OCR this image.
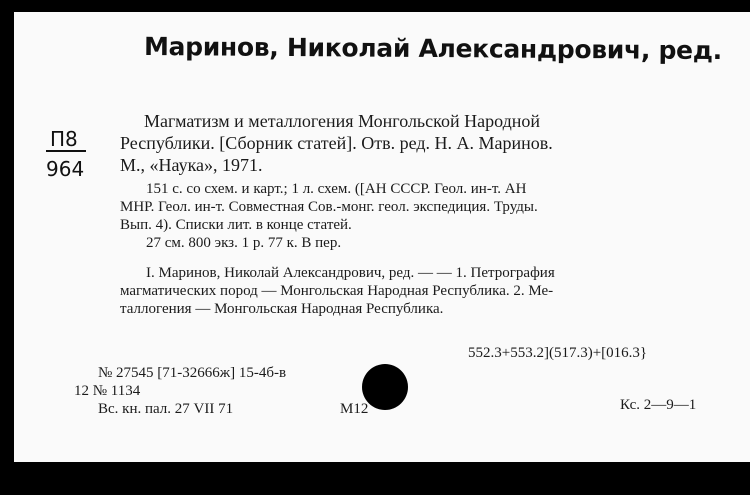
Маринов, Николай Александрович, ред.
П8
964
Магматизм и металлогения Монгольской Народной
Республики. [Сборник статей]. Отв. ред. Н. А. Маринов.
М., «Наука», 1971.
151 с. со схем. и карт.; 1 л. схем. ([АН СССР. Геол. ин-т. АН
МНР. Геол. ин-т. Совместная Сов.-монг. геол. экспедиция. Труды.
Вып. 4). Списки лит. в конце статей.
27 см. 800 экз. 1 р. 77 к. В пер.
I. Маринов, Николай Александрович, ред. — — 1. Петрография
магматических пород — Монгольская Народная Республика. 2. Ме-
таллогения — Монгольская Народная Республика.
552.3+553.2](517.3)+[016.3}
№ 27545 [71-32666ж] 15-4б-в
12 № 1134
Вс. кн. пал. 27 VII 71	М12	Кс. 2—9—1
